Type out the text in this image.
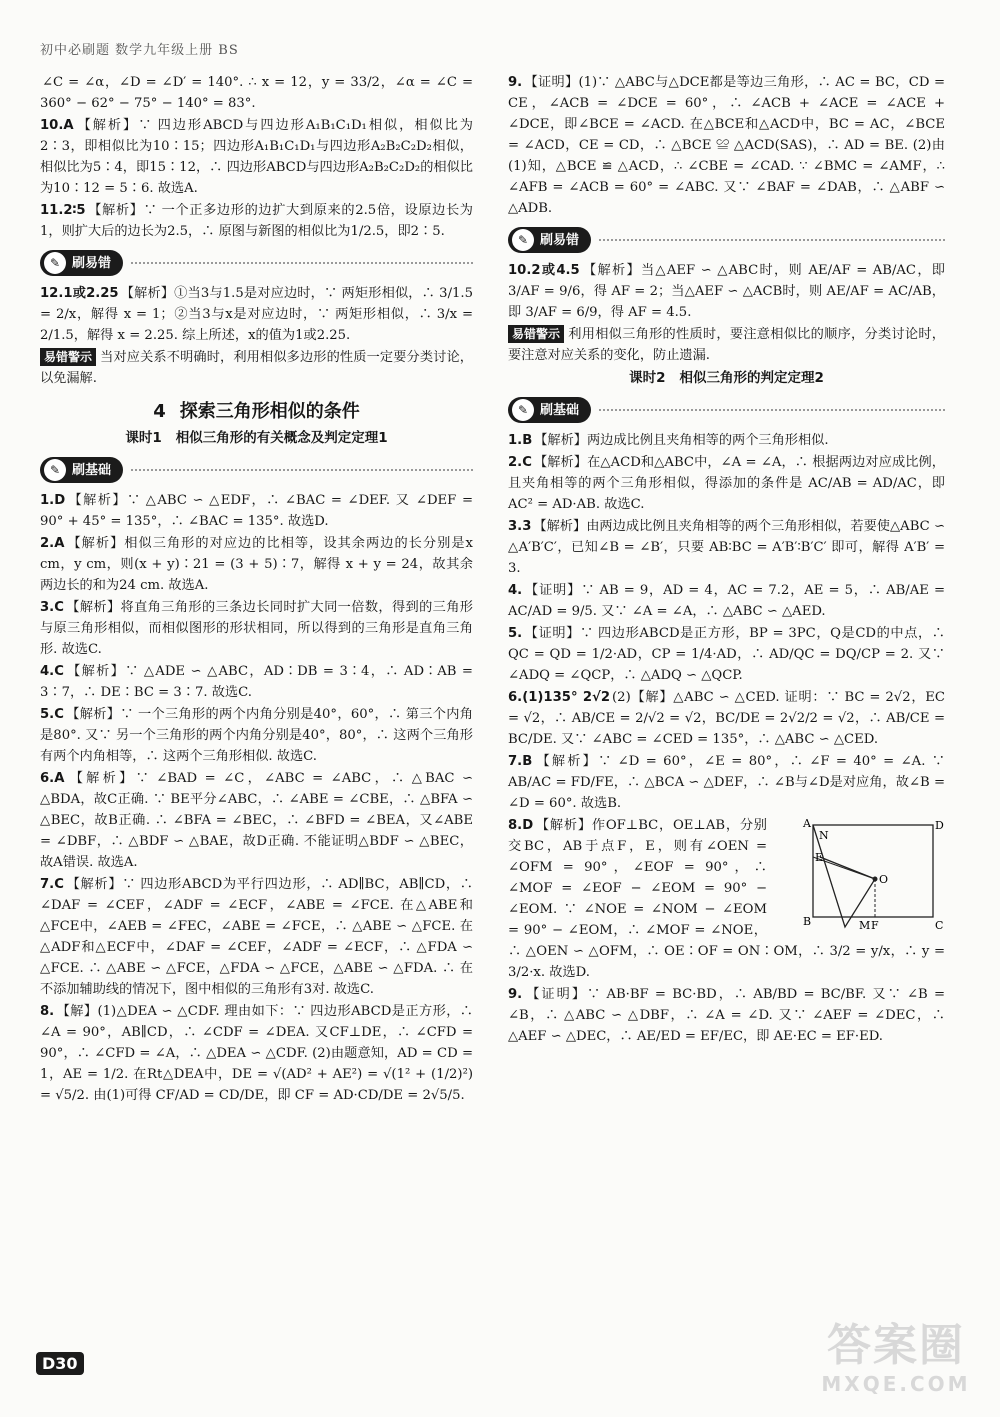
初中必刷题 数学九年级上册 BS

∠C = ∠α，∠D = ∠D′ = 140°. ∴ x = 12，y = 33/2，∠α = ∠C = 360° − 62° − 75° − 140° = 83°.

10.A 【解析】∵ 四边形ABCD与四边形A₁B₁C₁D₁相似，相似比为2∶3，即相似比为10∶15；四边形A₁B₁C₁D₁与四边形A₂B₂C₂D₂相似，相似比为5∶4，即15∶12，∴ 四边形ABCD与四边形A₂B₂C₂D₂的相似比为10∶12 = 5∶6. 故选A.

11.2∶5 【解析】∵ 一个正多边形的边扩大到原来的2.5倍，设原边长为1，则扩大后的边长为2.5，∴ 原图与新图的相似比为1/2.5，即2∶5.

✎ 刷易错

12.1或2.25 【解析】①当3与1.5是对应边时，∵ 两矩形相似，∴ 3/1.5 = 2/x，解得 x = 1；②当3与x是对应边时，∵ 两矩形相似，∴ 3/x = 2/1.5，解得 x = 2.25. 综上所述，x的值为1或2.25.

易错警示 当对应关系不明确时，利用相似多边形的性质一定要分类讨论，以免漏解.

4 探索三角形相似的条件
课时1 相似三角形的有关概念及判定定理1
✎ 刷基础

1.D 【解析】∵ △ABC ∽ △EDF，∴ ∠BAC = ∠DEF. 又 ∠DEF = 90° + 45° = 135°，∴ ∠BAC = 135°. 故选D.

2.A 【解析】相似三角形的对应边的比相等，设其余两边的长分别是x cm，y cm，则(x + y)∶21 = (3 + 5)∶7，解得 x + y = 24，故其余两边长的和为24 cm. 故选A.

3.C 【解析】将直角三角形的三条边长同时扩大同一倍数，得到的三角形与原三角形相似，而相似图形的形状相同，所以得到的三角形是直角三角形. 故选C.

4.C 【解析】∵ △ADE ∽ △ABC，AD∶DB = 3∶4，∴ AD∶AB = 3∶7，∴ DE∶BC = 3∶7. 故选C.

5.C 【解析】∵ 一个三角形的两个内角分别是40°，60°，∴ 第三个内角是80°. 又∵ 另一个三角形的两个内角分别是40°，80°，∴ 这两个三角形有两个内角相等，∴ 这两个三角形相似. 故选C.

6.A 【解析】∵ ∠BAD = ∠C，∠ABC = ∠ABC，∴ △BAC ∽ △BDA，故C正确. ∵ BE平分∠ABC，∴ ∠ABE = ∠CBE，∴ △BFA ∽ △BEC，故B正确. ∴ ∠BFA = ∠BEC，∴ ∠BFD = ∠BEA，又∠ABE = ∠DBF，∴ △BDF ∽ △BAE，故D正确. 不能证明△BDF ∽ △BEC，故A错误. 故选A.

7.C 【解析】∵ 四边形ABCD为平行四边形，∴ AD∥BC，AB∥CD，∴ ∠DAF = ∠CEF，∠ADF = ∠ECF，∠ABE = ∠FCE. 在△ABE和△FCE中，∠AEB = ∠FEC，∠ABE = ∠FCE，∴ △ABE ∽ △FCE. 在△ADF和△ECF中，∠DAF = ∠CEF，∠ADF = ∠ECF，∴ △FDA ∽ △FCE. ∴ △ABE ∽ △FCE，△FDA ∽ △FCE，△ABE ∽ △FDA. ∴ 在不添加辅助线的情况下，图中相似的三角形有3对. 故选C.

8. 【解】(1)△DEA ∽ △CDF. 理由如下：∵ 四边形ABCD是正方形，∴ ∠A = 90°，AB∥CD，∴ ∠CDF = ∠DEA. 又CF⊥DE，∴ ∠CFD = 90°，∴ ∠CFD = ∠A，∴ △DEA ∽ △CDF. (2)由题意知，AD = CD = 1，AE = 1/2. 在Rt△DEA中，DE = √(AD² + AE²) = √(1² + (1/2)²) = √5/2. 由(1)可得 CF/AD = CD/DE，即 CF = AD·CD/DE = 2√5/5.

9. 【证明】(1)∵ △ABC与△DCE都是等边三角形，∴ AC = BC，CD = CE，∠ACB = ∠DCE = 60°，∴ ∠ACB + ∠ACE = ∠ACE + ∠DCE，即∠BCE = ∠ACD. 在△BCE和△ACD中，BC = AC，∠BCE = ∠ACD，CE = CD，∴ △BCE ≌ △ACD(SAS)，∴ AD = BE. (2)由(1)知，△BCE ≌ △ACD，∴ ∠CBE = ∠CAD. ∵ ∠BMC = ∠AMF，∴ ∠AFB = ∠ACB = 60° = ∠ABC. 又∵ ∠BAF = ∠DAB，∴ △ABF ∽ △ADB.

✎ 刷易错

10.2或4.5 【解析】当△AEF ∽ △ABC时，则 AE/AF = AB/AC，即 3/AF = 9/6，得 AF = 2；当△AEF ∽ △ACB时，则 AE/AF = AC/AB，即 3/AF = 6/9，得 AF = 4.5.

易错警示 利用相似三角形的性质时，要注意相似比的顺序，分类讨论时，要注意对应关系的变化，防止遗漏.

课时2 相似三角形的判定定理2
✎ 刷基础

1.B 【解析】两边成比例且夹角相等的两个三角形相似.

2.C 【解析】在△ACD和△ABC中，∠A = ∠A，∴ 根据两边对应成比例，且夹角相等的两个三角形相似，得添加的条件是 AC/AB = AD/AC，即 AC² = AD·AB. 故选C.

3.3 【解析】由两边成比例且夹角相等的两个三角形相似，若要使△ABC ∽ △A′B′C′，已知∠B = ∠B′，只要 AB∶BC = A′B′∶B′C′ 即可，解得 A′B′ = 3.

4. 【证明】∵ AB = 9，AD = 4，AC = 7.2，AE = 5，∴ AB/AE = AC/AD = 9/5. 又∵ ∠A = ∠A，∴ △ABC ∽ △AED.

5. 【证明】∵ 四边形ABCD是正方形，BP = 3PC，Q是CD的中点，∴ QC = QD = 1/2·AD，CP = 1/4·AD，∴ AD/QC = DQ/CP = 2. 又∵ ∠ADQ = ∠QCP，∴ △ADQ ∽ △QCP.

6.(1)135° 2√2 (2)【解】△ABC ∽ △CED. 证明：∵ BC = 2√2，EC = √2，∴ AB/CE = 2/√2 = √2，BC/DE = 2√2/2 = √2，∴ AB/CE = BC/DE. 又∵ ∠ABC = ∠CED = 135°，∴ △ABC ∽ △CED.

7.B 【解析】∵ ∠D = 60°，∠E = 80°，∴ ∠F = 40° = ∠A. ∵ AB/AC = FD/FE，∴ △BCA ∽ △DEF，∴ ∠B与∠D是对应角，故∠B = ∠D = 60°. 故选B.

A	D
B	C
N
E
O
M F

8.D 【解析】作OF⊥BC，OE⊥AB，分别交BC，AB于点F，E，则有∠OEN = ∠OFM = 90°，∠EOF = 90°，∴ ∠MOF = ∠EOF − ∠EOM = 90° − ∠EOM. ∵ ∠NOE = ∠NOM − ∠EOM = 90° − ∠EOM，∴ ∠MOF = ∠NOE，∴ △OEN ∽ △OFM，∴ OE∶OF = ON∶OM，∴ 3/2 = y/x，∴ y = 3/2·x. 故选D.

9. 【证明】∵ AB·BF = BC·BD，∴ AB/BD = BC/BF. 又∵ ∠B = ∠B，∴ △ABC ∽ △DBF，∴ ∠A = ∠D. 又∵ ∠AEF = ∠DEC，∴ △AEF ∽ △DEC，∴ AE/ED = EF/EC，即 AE·EC = EF·ED.

D30	答案圈
MXQE.COM
